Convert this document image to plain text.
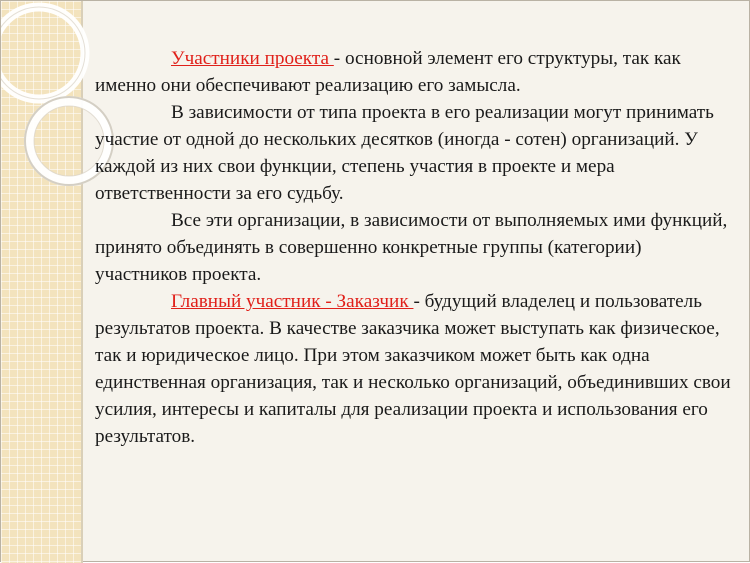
Участники проекта - основной элемент его структуры, так как именно они обеспечивают реализацию его замысла.

В зависимости от типа проекта в его реализации могут принимать участие от одной до нескольких десятков (иногда - сотен) организаций. У каждой из них свои функции, степень участия в проекте и мера ответственности за его судьбу.

Все эти организации, в зависимости от выполняемых ими функций, принято объединять в совершенно конкретные группы (категории) участников проекта.

Главный участник - Заказчик - будущий владелец и пользователь результатов проекта. В качестве заказчика может выступать как физическое, так и юридическое лицо. При этом заказчиком может быть как одна единственная организация, так и несколько организаций, объединивших свои усилия, интересы и капиталы для реализации проекта и использования его результатов.
